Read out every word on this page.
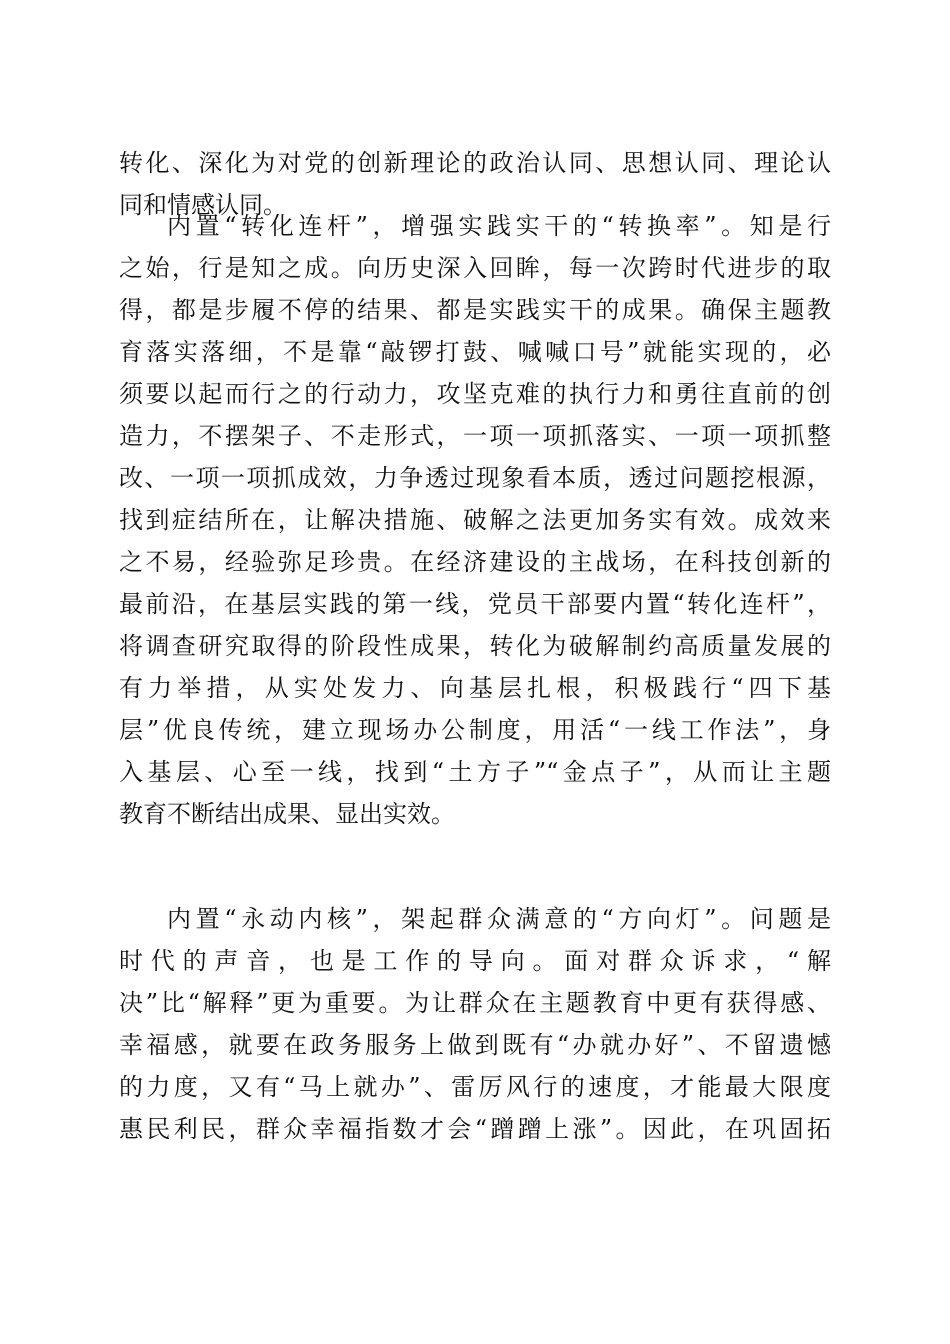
转化、深化为对党的创新理论的政治认同、思想认同、理论认
同和情感认同。
内置“转化连杆”，增强实践实干的“转换率”。知是行
之始，行是知之成。向历史深入回眸，每一次跨时代进步的取
得，都是步履不停的结果、都是实践实干的成果。确保主题教
育落实落细，不是靠“敲锣打鼓、喊喊口号”就能实现的，必
须要以起而行之的行动力，攻坚克难的执行力和勇往直前的创
造力，不摆架子、不走形式，一项一项抓落实、一项一项抓整
改、一项一项抓成效，力争透过现象看本质，透过问题挖根源，
找到症结所在，让解决措施、破解之法更加务实有效。成效来
之不易，经验弥足珍贵。在经济建设的主战场，在科技创新的
最前沿，在基层实践的第一线，党员干部要内置“转化连杆”，
将调查研究取得的阶段性成果，转化为破解制约高质量发展的
有力举措，从实处发力、向基层扎根，积极践行“四下基
层”优良传统，建立现场办公制度，用活“一线工作法”，身
入基层、心至一线，找到“土方子”“金点子”，从而让主题
教育不断结出成果、显出实效。
内置“永动内核”，架起群众满意的“方向灯”。问题是
时代的声音，也是工作的导向。面对群众诉求，“解
决”比“解释”更为重要。为让群众在主题教育中更有获得感、
幸福感，就要在政务服务上做到既有“办就办好”、不留遗憾
的力度，又有“马上就办”、雷厉风行的速度，才能最大限度
惠民利民，群众幸福指数才会“蹭蹭上涨”。因此，在巩固拓
